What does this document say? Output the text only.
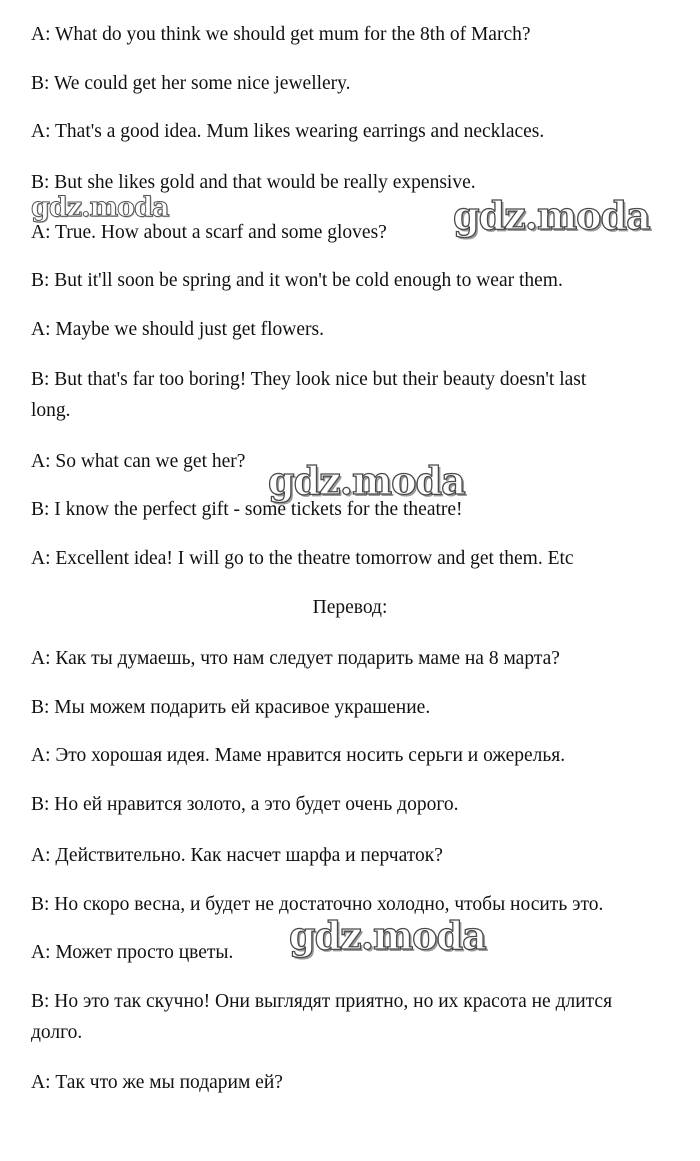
A: What do you think we should get mum for the 8th of March?

B: We could get her some nice jewellery.

A: That's a good idea. Mum likes wearing earrings and necklaces.

B: But she likes gold and that would be really expensive.

A: True. How about a scarf and some gloves?

B: But it'll soon be spring and it won't be cold enough to wear them.

A: Maybe we should just get flowers.

B: But that's far too boring! They look nice but their beauty doesn't last

long.

A: So what can we get her?

B: I know the perfect gift - some tickets for the theatre!

A: Excellent idea! I will go to the theatre tomorrow and get them. Etc

Перевод:

A: Как ты думаешь, что нам следует подарить маме на 8 марта?

B: Мы можем подарить ей красивое украшение.

A: Это хорошая идея. Маме нравится носить серьги и ожерелья.

B: Но ей нравится золото, а это будет очень дорого.

A: Действительно. Как насчет шарфа и перчаток?

B: Но скоро весна, и будет не достаточно холодно, чтобы носить это.

A: Может просто цветы.

B: Но это так скучно! Они выглядят приятно, но их красота не длится

долго.

A: Так что же мы подарим ей?

gdz.moda	gdz.moda
gdz.moda
gdz.moda
